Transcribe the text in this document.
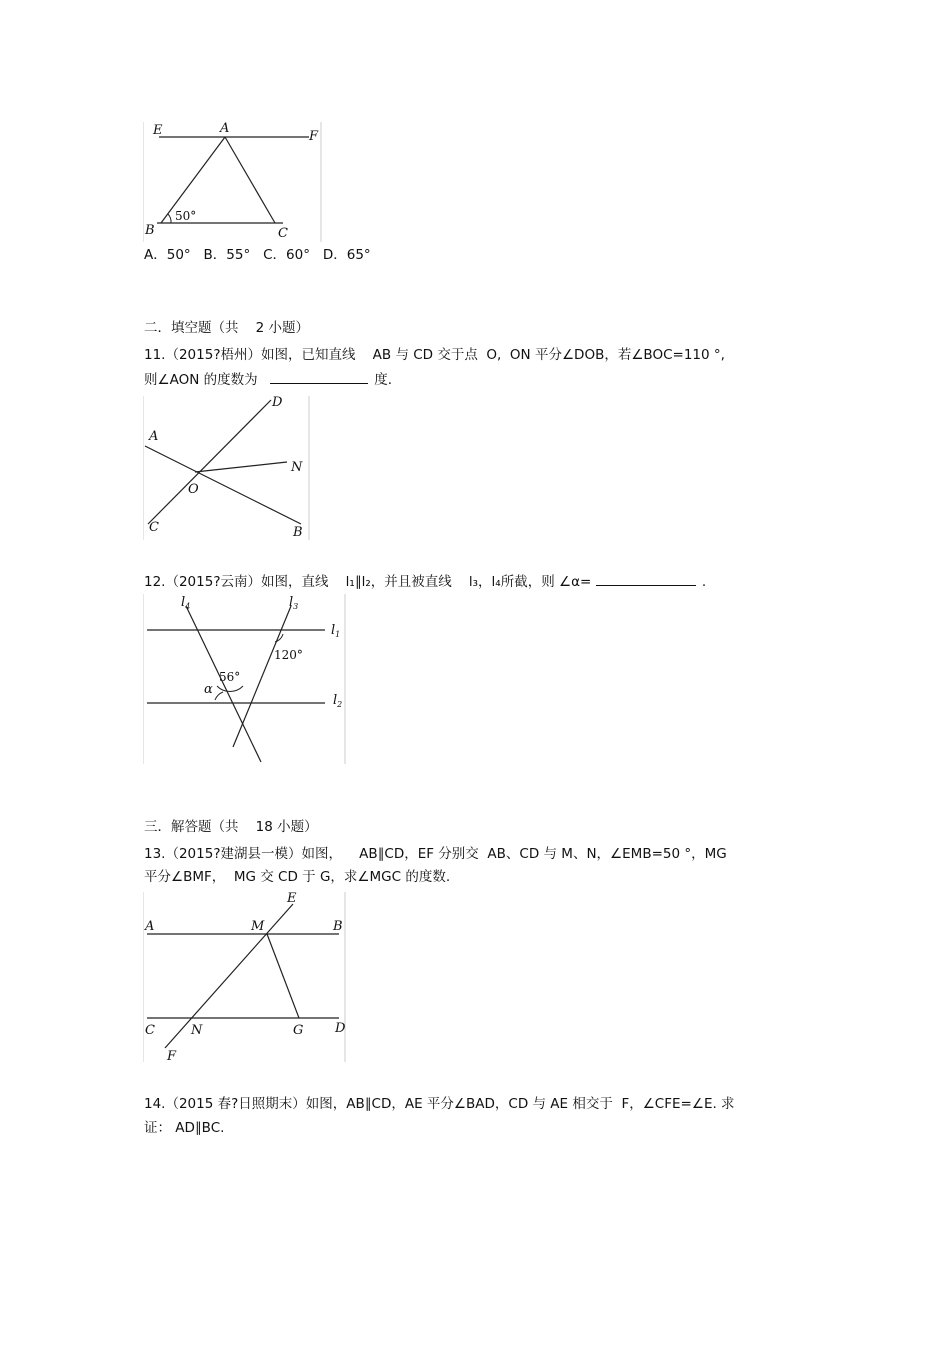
E	A
F
B	C
50°
A．50°   B．55°   C．60°   D．65°
二．填空题（共    2 小题）
11.（2015?梧州）如图，已知直线    AB 与 CD 交于点  O,  ON 平分∠DOB，若∠BOC=110 °,
则∠AON 的度数为	度.
D
A
N
O
C	B
12.（2015?云南）如图，直线    l₁∥l₂，并且被直线    l₃，l₄所截，则 ∠α=	.
$l_4$	$l_3$
$l_1$
$l_2$
120°
56°
α
三．解答题（共    18 小题）
13.（2015?建湖县一模）如图，    AB∥CD，EF 分别交  AB、CD 与 M、N，∠EMB=50 °，MG
平分∠BMF，  MG 交 CD 于 G，求∠MGC 的度数.
E
A	M	B
C	N	G D
F
14.（2015 春?日照期末）如图，AB∥CD，AE 平分∠BAD，CD 与 AE 相交于  F，∠CFE=∠E. 求
证： AD∥BC.
